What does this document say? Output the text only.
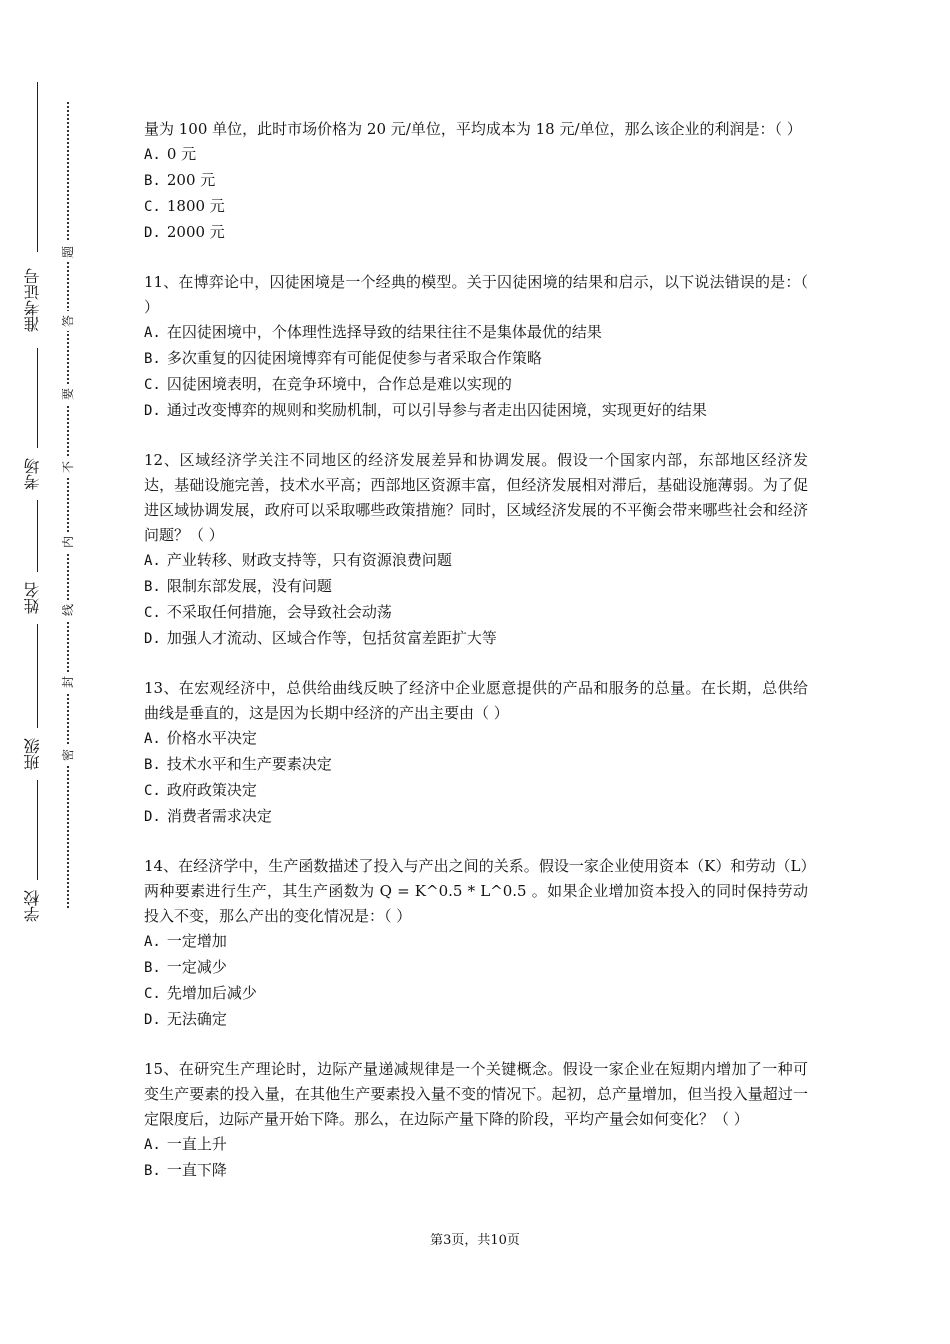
准考证号
考场
姓名
班级
学校
题
答
要
不
内
线
封
密

量为 100 单位，此时市场价格为 20 元/单位，平均成本为 18 元/单位，那么该企业的利润是：（ ）

A. 0 元

B. 200 元

C. 1800 元

D. 2000 元

11、在博弈论中，囚徒困境是一个经典的模型。关于囚徒困境的结果和启示，以下说法错误的是：（ ）

A. 在囚徒困境中，个体理性选择导致的结果往往不是集体最优的结果

B. 多次重复的囚徒困境博弈有可能促使参与者采取合作策略

C. 囚徒困境表明，在竞争环境中，合作总是难以实现的

D. 通过改变博弈的规则和奖励机制，可以引导参与者走出囚徒困境，实现更好的结果

12、区域经济学关注不同地区的经济发展差异和协调发展。假设一个国家内部，东部地区经济发达，基础设施完善，技术水平高；西部地区资源丰富，但经济发展相对滞后，基础设施薄弱。为了促进区域协调发展，政府可以采取哪些政策措施？同时，区域经济发展的不平衡会带来哪些社会和经济问题？（ ）

A. 产业转移、财政支持等，只有资源浪费问题

B. 限制东部发展，没有问题

C. 不采取任何措施，会导致社会动荡

D. 加强人才流动、区域合作等，包括贫富差距扩大等

13、在宏观经济中，总供给曲线反映了经济中企业愿意提供的产品和服务的总量。在长期，总供给曲线是垂直的，这是因为长期中经济的产出主要由（ ）

A. 价格水平决定

B. 技术水平和生产要素决定

C. 政府政策决定

D. 消费者需求决定

14、在经济学中，生产函数描述了投入与产出之间的关系。假设一家企业使用资本（K）和劳动（L）两种要素进行生产，其生产函数为 Q = K^0.5 * L^0.5 。如果企业增加资本投入的同时保持劳动投入不变，那么产出的变化情况是：（ ）

A. 一定增加

B. 一定减少

C. 先增加后减少

D. 无法确定

15、在研究生产理论时，边际产量递减规律是一个关键概念。假设一家企业在短期内增加了一种可变生产要素的投入量，在其他生产要素投入量不变的情况下。起初，总产量增加，但当投入量超过一定限度后，边际产量开始下降。那么，在边际产量下降的阶段，平均产量会如何变化？（ ）

A. 一直上升

B. 一直下降

第3页，共10页
